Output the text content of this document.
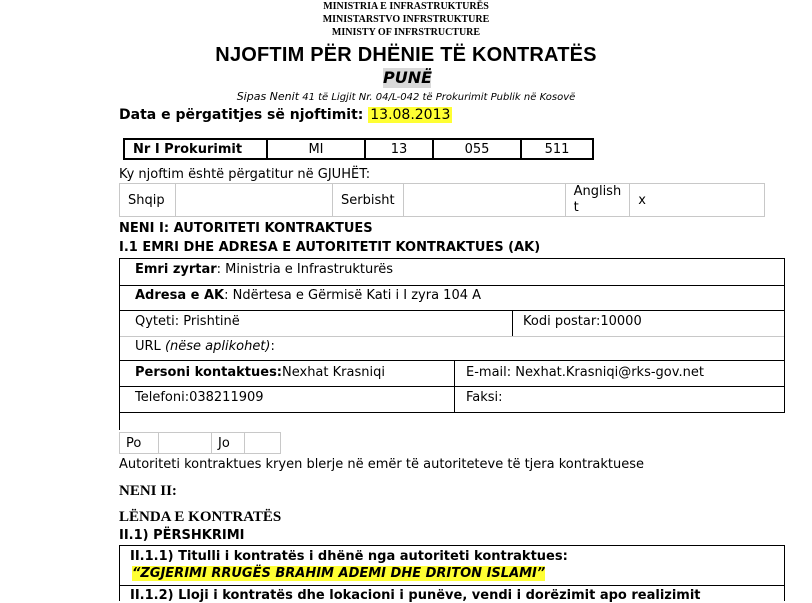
MINISTRIA E INFRASTRUKTURËS
MINISTARSTVO INFRSTRUKTURE
MINISTY OF INFRSTRUCTURE
NJOFTIM PËR DHËNIE TË KONTRATËS
PUNË
Sipas Nenit 41 të Ligjit Nr. 04/L-042 të Prokurimit Publik në Kosovë
Data e përgatitjes së njoftimit: 13.08.2013
Nr I Prokurimit	MI	13	055	511
Ky njoftim është përgatitur në GJUHËT:
Shqip		Serbisht		Anglish
t	x
NENI I: AUTORITETI KONTRAKTUES
I.1 EMRI DHE ADRESA E AUTORITETIT KONTRAKTUES (AK)
Emri zyrtar: Ministria e Infrastrukturës
Adresa e AK: Ndërtesa e Gërmisë Kati i I zyra 104 A
Qyteti: Prishtinë	Kodi postar:10000
URL (nëse aplikohet):
Personi kontaktues:Nexhat Krasniqi	E-mail: Nexhat.Krasniqi@rks-gov.net
Telefoni:038211909	Faksi:
Po		Jo	
Autoriteti kontraktues kryen blerje në emër të autoriteteve të tjera kontraktuese
NENI II:
LËNDA E KONTRATËS
II.1) PËRSHKRIMI
II.1.1) Titulli i kontratës i dhënë nga autoriteti kontraktues:
“ZGJERIMI RRUGËS BRAHIM ADEMI DHE DRITON ISLAMI”
II.1.2) Lloji i kontratës dhe lokacioni i punëve, vendi i dorëzimit apo realizimit
